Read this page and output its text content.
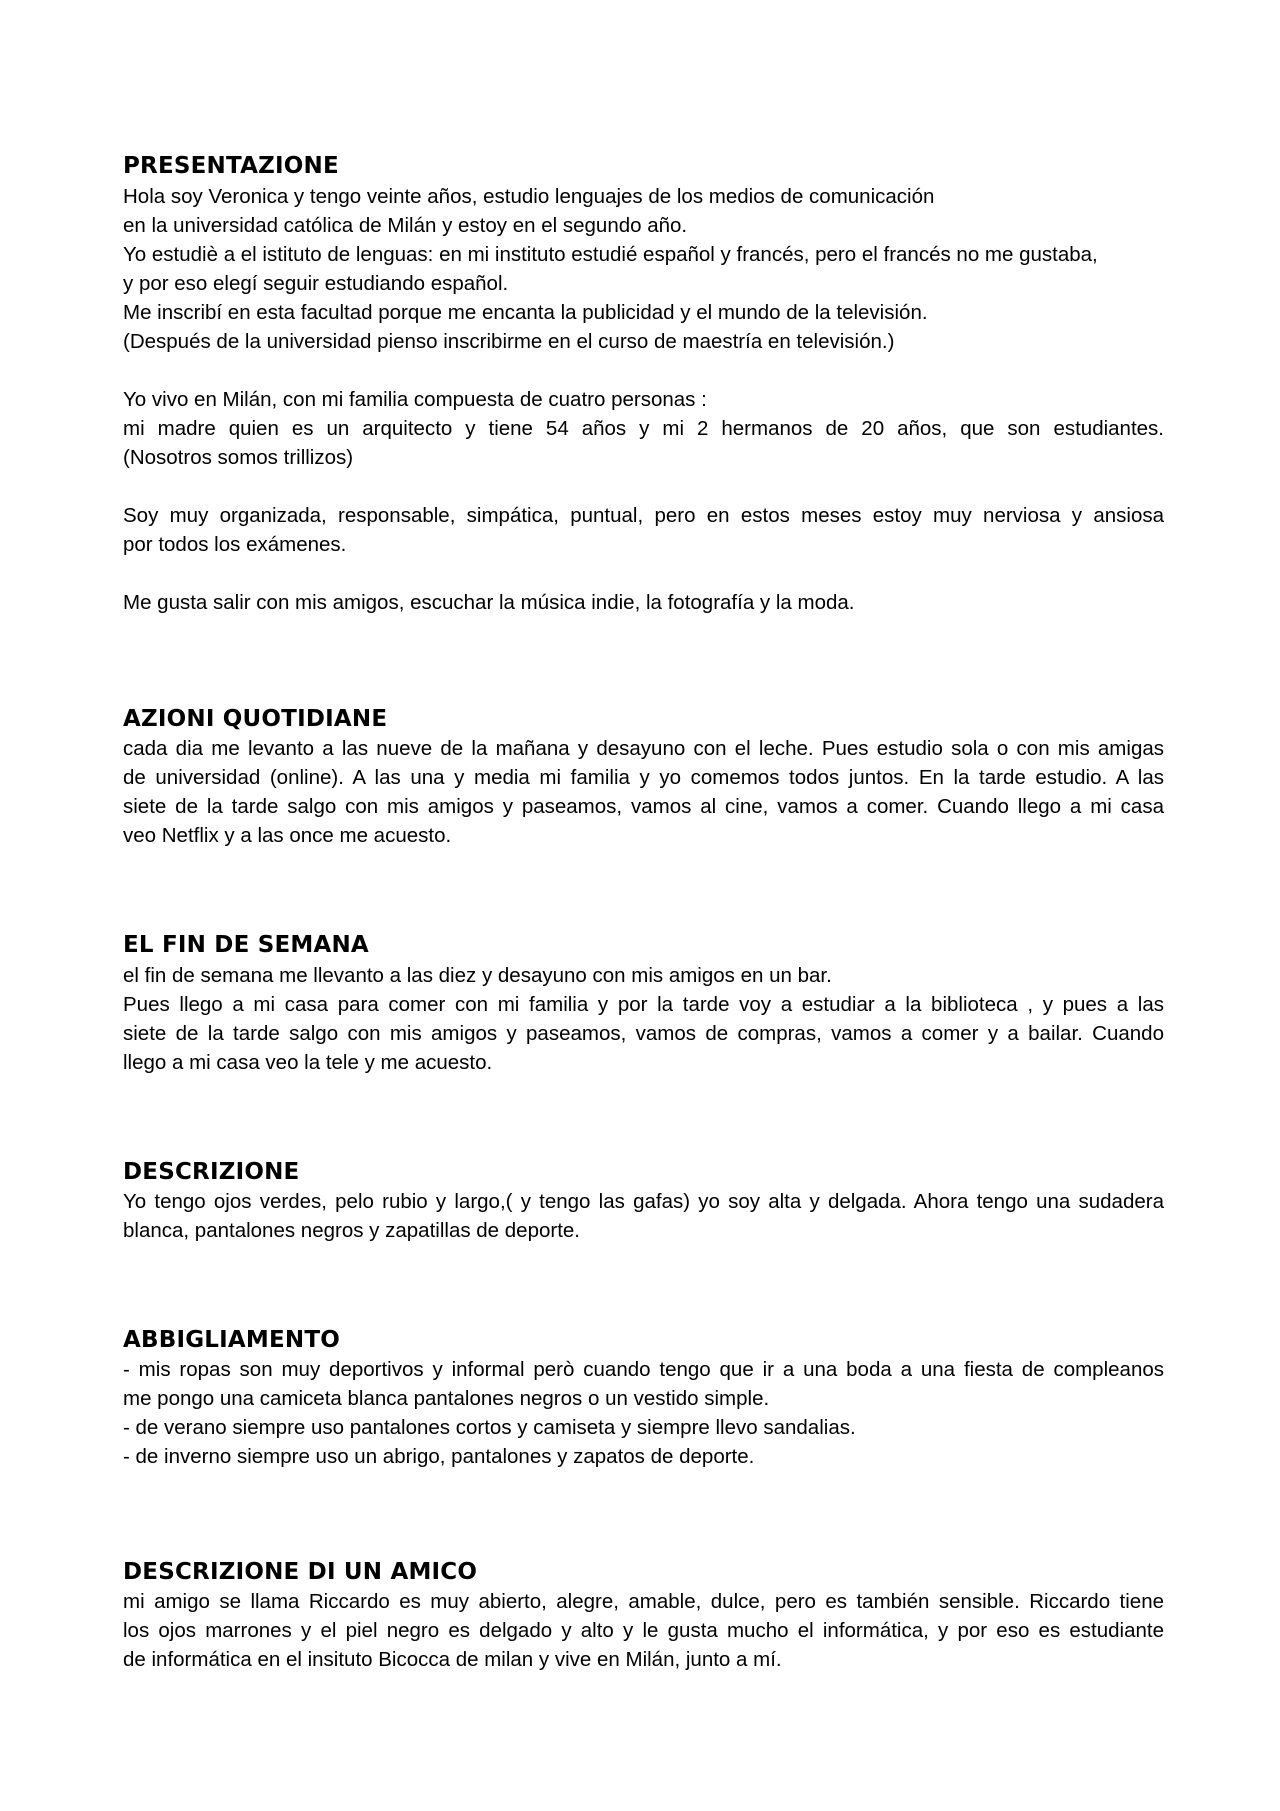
PRESENTAZIONE
Hola soy Veronica y tengo veinte años, estudio lenguajes de los medios de comunicación
en la universidad católica de Milán y estoy en el segundo año.
Yo estudiè a el istituto de lenguas: en mi instituto estudié español y francés, pero el francés no me gustaba,
y por eso elegí seguir estudiando español.
Me inscribí en esta facultad porque me encanta la publicidad y el mundo de la televisión.
(Después de la universidad pienso inscribirme en el curso de maestría en televisión.)
Yo vivo en Milán, con mi familia compuesta de cuatro personas :
mi madre quien es un arquitecto y tiene 54 años y mi 2 hermanos de 20 años, que son estudiantes.
(Nosotros somos trillizos)
Soy muy organizada, responsable, simpática, puntual, pero en estos meses estoy muy nerviosa y ansiosa
por todos los exámenes.
Me gusta salir con mis amigos, escuchar la música indie, la fotografía y la moda.
AZIONI QUOTIDIANE
cada dia me levanto a las nueve de la mañana y desayuno con el leche. Pues estudio sola o con mis amigas
de universidad (online). A las una y media mi familia y yo comemos todos juntos. En la tarde estudio. A las
siete de la tarde salgo con mis amigos y paseamos, vamos al cine, vamos a comer. Cuando llego a mi casa
veo Netflix y a las once me acuesto.
EL FIN DE SEMANA
el fin de semana me llevanto a las diez y desayuno con mis amigos en un bar.
Pues llego a mi casa para comer con mi familia y por la tarde voy a estudiar a la biblioteca , y pues a las
siete de la tarde salgo con mis amigos y paseamos, vamos de compras, vamos a comer y a bailar. Cuando
llego a mi casa veo la tele y me acuesto.
DESCRIZIONE
Yo tengo ojos verdes, pelo rubio y largo,( y tengo las gafas) yo soy alta y delgada. Ahora tengo una sudadera
blanca, pantalones negros y zapatillas de deporte.
ABBIGLIAMENTO
- mis ropas son muy deportivos y informal però cuando tengo que ir a una boda a una fiesta de compleanos
me pongo una camiceta blanca pantalones negros o un vestido simple.
- de verano siempre uso pantalones cortos y camiseta y siempre llevo sandalias.
- de inverno siempre uso un abrigo, pantalones y zapatos de deporte.
DESCRIZIONE DI UN AMICO
mi amigo se llama Riccardo es muy abierto, alegre, amable, dulce, pero es también sensible. Riccardo tiene
los ojos marrones y el piel negro es delgado y alto y le gusta mucho el informática, y por eso es estudiante
de informática en el insituto Bicocca de milan y vive en Milán, junto a mí.
